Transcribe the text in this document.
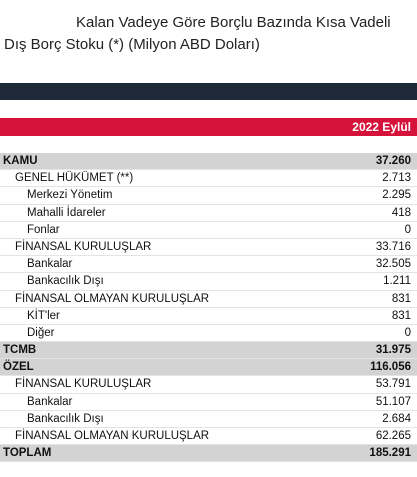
Kalan Vadeye Göre Borçlu Bazında Kısa Vadeli
Dış Borç Stoku (*) (Milyon ABD Doları)
2022 Eylül
KAMU	37.260
GENEL HÜKÜMET (**)	2.713
Merkezi Yönetim	2.295
Mahalli İdareler	418
Fonlar	0
FİNANSAL KURULUŞLAR	33.716
Bankalar	32.505
Bankacılık Dışı	1.211
FİNANSAL OLMAYAN KURULUŞLAR	831
KİT'ler	831
Diğer	0
TCMB	31.975
ÖZEL	116.056
FİNANSAL KURULUŞLAR	53.791
Bankalar	51.107
Bankacılık Dışı	2.684
FİNANSAL OLMAYAN KURULUŞLAR	62.265
TOPLAM	185.291
